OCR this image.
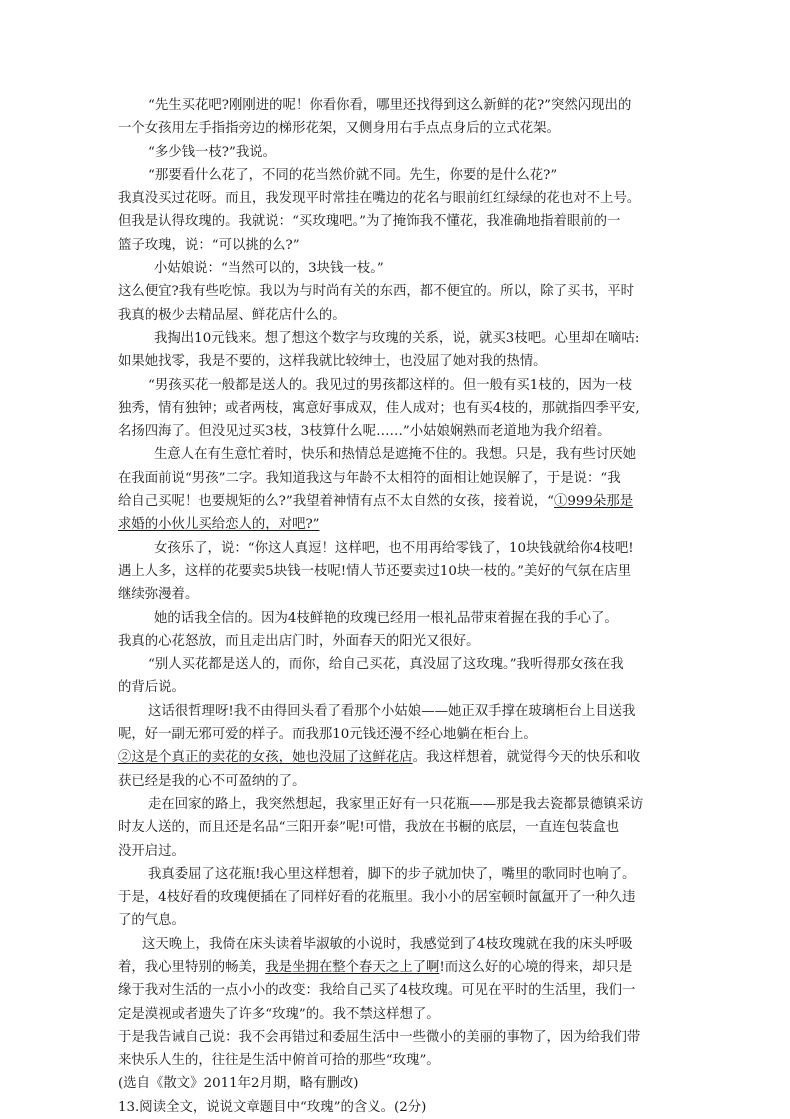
“先生买花吧?刚刚进的呢！你看你看，哪里还找得到这么新鲜的花?”突然闪现出的
一个女孩用左手指指旁边的梯形花架，又侧身用右手点点身后的立式花架。
“多少钱一枝?”我说。
“那要看什么花了，不同的花当然价就不同。先生，你要的是什么花?”
我真没买过花呀。而且，我发现平时常挂在嘴边的花名与眼前红红绿绿的花也对不上号。
但我是认得玫瑰的。我就说：“买玫瑰吧。”为了掩饰我不懂花，我准确地指着眼前的一
篮子玫瑰，说：“可以挑的么?”
小姑娘说：“当然可以的，3块钱一枝。”
这么便宜?我有些吃惊。我以为与时尚有关的东西，都不便宜的。所以，除了买书，平时
我真的极少去精品屋、鲜花店什么的。
我掏出10元钱来。想了想这个数字与玫瑰的关系，说，就买3枝吧。心里却在嘀咕:
如果她找零，我是不要的，这样我就比较绅士，也没屈了她对我的热情。
“男孩买花一般都是送人的。我见过的男孩都这样的。但一般有买1枝的，因为一枝
独秀，情有独钟；或者两枝，寓意好事成双，佳人成对；也有买4枝的，那就指四季平安,
名扬四海了。但没见过买3枝，3枝算什么呢……”小姑娘娴熟而老道地为我介绍着。
生意人在有生意忙着时，快乐和热情总是遮掩不住的。我想。只是，我有些讨厌她
在我面前说“男孩”二字。我知道我这与年龄不太相符的面相让她误解了，于是说：“我
给自己买呢！也要规矩的么?”我望着神情有点不太自然的女孩，接着说，“①999朵那是
求婚的小伙儿买给恋人的，对吧?”
女孩乐了，说：“你这人真逗！这样吧，也不用再给零钱了，10块钱就给你4枝吧!
遇上人多，这样的花要卖5块钱一枝呢!情人节还要卖过10块一枝的。”美好的气氛在店里
继续弥漫着。
她的话我全信的。因为4枝鲜艳的玫瑰已经用一根礼品带束着握在我的手心了。
我真的心花怒放，而且走出店门时，外面春天的阳光又很好。
“别人买花都是送人的，而你，给自己买花，真没屈了这玫瑰。”我听得那女孩在我
的背后说。
这话很哲理呀!我不由得回头看了看那个小姑娘——她正双手撑在玻璃柜台上目送我
呢，好一副无邪可爱的样子。而我那10元钱还漫不经心地躺在柜台上。
②这是个真正的卖花的女孩，她也没屈了这鲜花店。我这样想着，就觉得今天的快乐和收
获已经是我的心不可盈纳的了。
走在回家的路上，我突然想起，我家里正好有一只花瓶——那是我去瓷都景德镇采访
时友人送的，而且还是名品“三阳开泰”呢!可惜，我放在书橱的底层，一直连包装盒也
没开启过。
我真委屈了这花瓶!我心里这样想着，脚下的步子就加快了，嘴里的歌同时也响了。
于是，4枝好看的玫瑰便插在了同样好看的花瓶里。我小小的居室顿时氤氲开了一种久违
了的气息。
这天晚上，我倚在床头读着毕淑敏的小说时，我感觉到了4枝玫瑰就在我的床头呼吸
着，我心里特别的畅美，我是坐拥在整个春天之上了啊!而这么好的心境的得来，却只是
缘于我对生活的一点小小的改变：我给自己买了4枝玫瑰。可见在平时的生活里，我们一
定是漠视或者遗失了许多“玫瑰”的。我不禁这样想了。
于是我告诫自己说：我不会再错过和委屈生活中一些微小的美丽的事物了，因为给我们带
来快乐人生的，往往是生活中俯首可拾的那些“玫瑰”。
(选自《散文》2011年2月期，略有删改)
13.阅读全文，说说文章题目中“玫瑰”的含义。(2分)
